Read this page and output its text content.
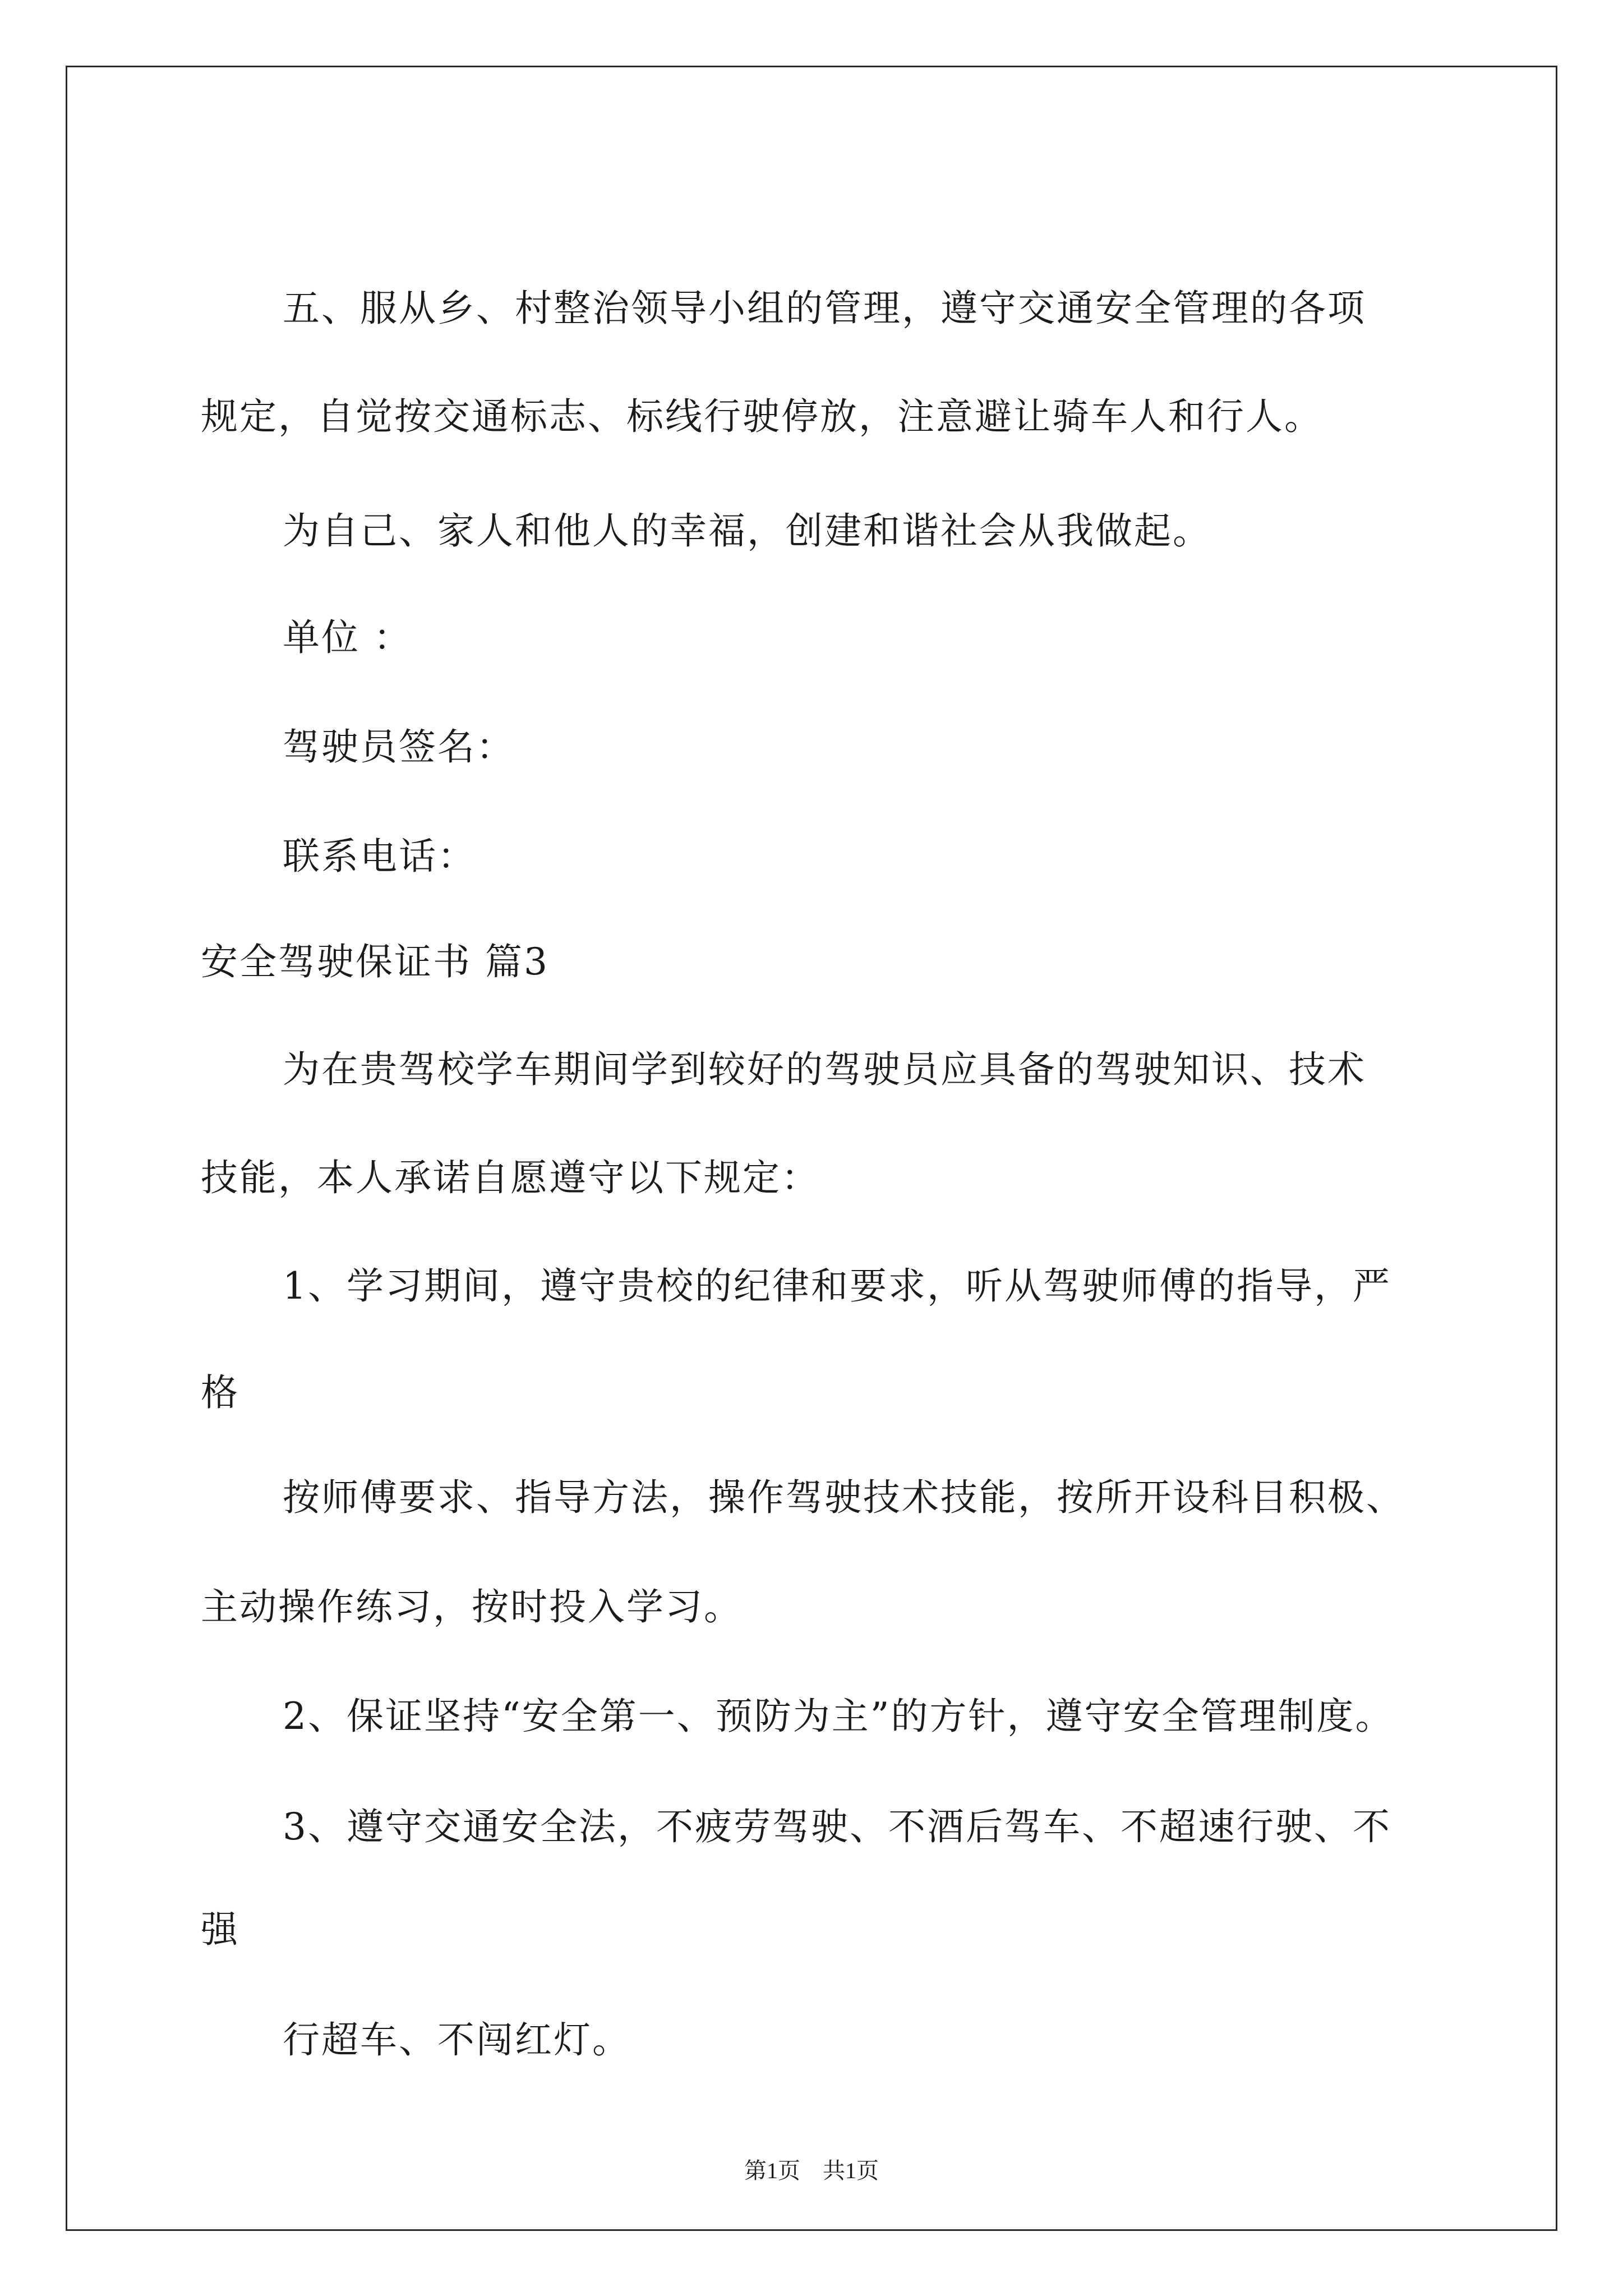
五、服从乡、村整治领导小组的管理，遵守交通安全管理的各项
规定，自觉按交通标志、标线行驶停放，注意避让骑车人和行人。
为自己、家人和他人的幸福，创建和谐社会从我做起。
单位 ：
驾驶员签名：
联系电话：
安全驾驶保证书 篇3
为在贵驾校学车期间学到较好的驾驶员应具备的驾驶知识、技术
技能，本人承诺自愿遵守以下规定：
1、学习期间，遵守贵校的纪律和要求，听从驾驶师傅的指导，严
格
按师傅要求、指导方法，操作驾驶技术技能，按所开设科目积极、
主动操作练习，按时投入学习。
2、保证坚持“安全第一、预防为主”的方针，遵守安全管理制度。
3、遵守交通安全法，不疲劳驾驶、不酒后驾车、不超速行驶、不
强
行超车、不闯红灯。
第1页　共1页
